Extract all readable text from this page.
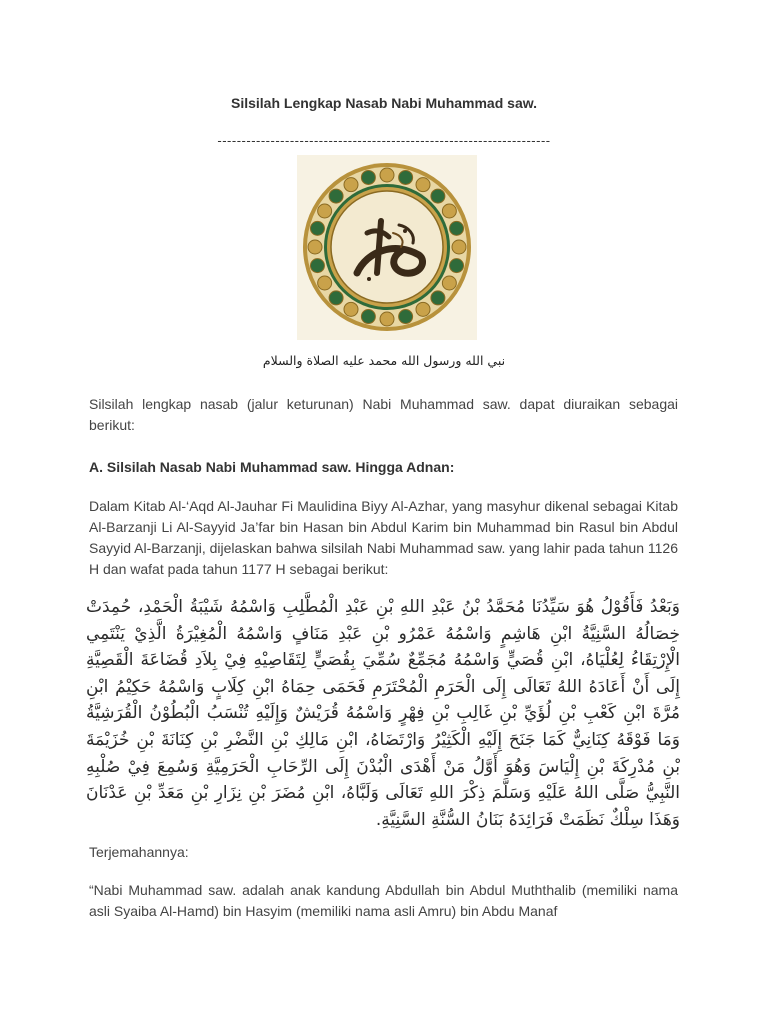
Silsilah Lengkap Nasab Nabi Muhammad saw.
---------------------------------------------------------------------
نبي الله ورسول الله محمد عليه الصلاة والسلام
Silsilah lengkap nasab (jalur keturunan) Nabi Muhammad saw. dapat diuraikan sebagai berikut:
A. Silsilah Nasab Nabi Muhammad saw. Hingga Adnan:
Dalam Kitab Al-‘Aqd Al-Jauhar Fi Maulidina Biyy Al-Azhar, yang masyhur dikenal sebagai Kitab Al-Barzanji Li Al-Sayyid Ja’far bin Hasan bin Abdul Karim bin Muhammad bin Rasul bin Abdul Sayyid Al-Barzanji, dijelaskan bahwa silsilah Nabi Muhammad saw. yang lahir pada tahun 1126 H dan wafat pada tahun 1177 H sebagai berikut:
وَبَعْدُ فَأَقُوْلُ هُوَ سَيِّدُنَا مُحَمَّدُ بْنُ عَبْدِ اللهِ بْنِ عَبْدِ الْمُطَّلِبِ وَاسْمُهُ شَيْبَةُ الْحَمْدِ، حُمِدَتْ خِصَالُهُ السَّنِيَّةُ ابْنِ هَاشِمٍ وَاسْمُهُ عَمْرُو بْنِ عَبْدِ مَنَافٍ وَاسْمُهُ الْمُغِيْرَةُ الَّذِيْ يَنْتَمِي الْإِرْتِقَاءُ لِعُلْيَاهُ، ابْنِ قُصَيٍّ وَاسْمُهُ مُجَمِّعٌ سُمِّيَ بِقُصَيٍّ لِتَقَاصِيْهِ فِيْ بِلاَدِ قُضَاعَةَ الْقَصِيَّةِ إِلَى أَنْ أَعَادَهُ اللهُ تَعَالَى إِلَى الْحَرَمِ الْمُحْتَرَمِ فَحَمَى حِمَاهُ ابْنِ كِلَابٍ وَاسْمُهُ حَكِيْمُ ابْنِ مُرَّةَ ابْنِ كَعْبِ بْنِ لُؤَيِّ بْنِ غَالِبِ بْنِ فِهْرٍ وَاسْمُهُ قُرَيْشٌ وَإِلَيْهِ تُنْسَبُ الْبُطُوْنُ الْقُرَشِيَّةُ وَمَا فَوْقَهُ كِنَانِيٌّ كَمَا جَنَحَ إِلَيْهِ الْكَثِيْرُ وَارْتَضَاهُ، ابْنِ مَالِكِ بْنِ النَّضْرِ بْنِ كِنَانَةَ بْنِ خُزَيْمَةَ بْنِ مُدْرِكَةَ بْنِ إِلْيَاسَ وَهُوَ أَوَّلُ مَنْ أَهْدَى الْبُدْنَ إِلَى الرِّحَابِ الْحَرَمِيَّةِ وَسُمِعَ فِيْ صُلْبِهِ النَّبِيُّ صَلَّى اللهُ عَلَيْهِ وَسَلَّمَ ذِكْرَ اللهِ تَعَالَى وَلَبَّاهُ، ابْنِ مُضَرَ بْنِ نِزَارِ بْنِ مَعَدِّ بْنِ عَدْنَانَ وَهَذَا سِلْكٌ نَظَمَتْ فَرَائِدَهُ بَنَانُ السُّنَّةِ السَّنِيَّةِ.
Terjemahannya:
“Nabi Muhammad saw. adalah anak kandung Abdullah bin Abdul Muththalib (memiliki nama asli Syaiba Al-Hamd) bin Hasyim (memiliki nama asli Amru) bin Abdu Manaf
